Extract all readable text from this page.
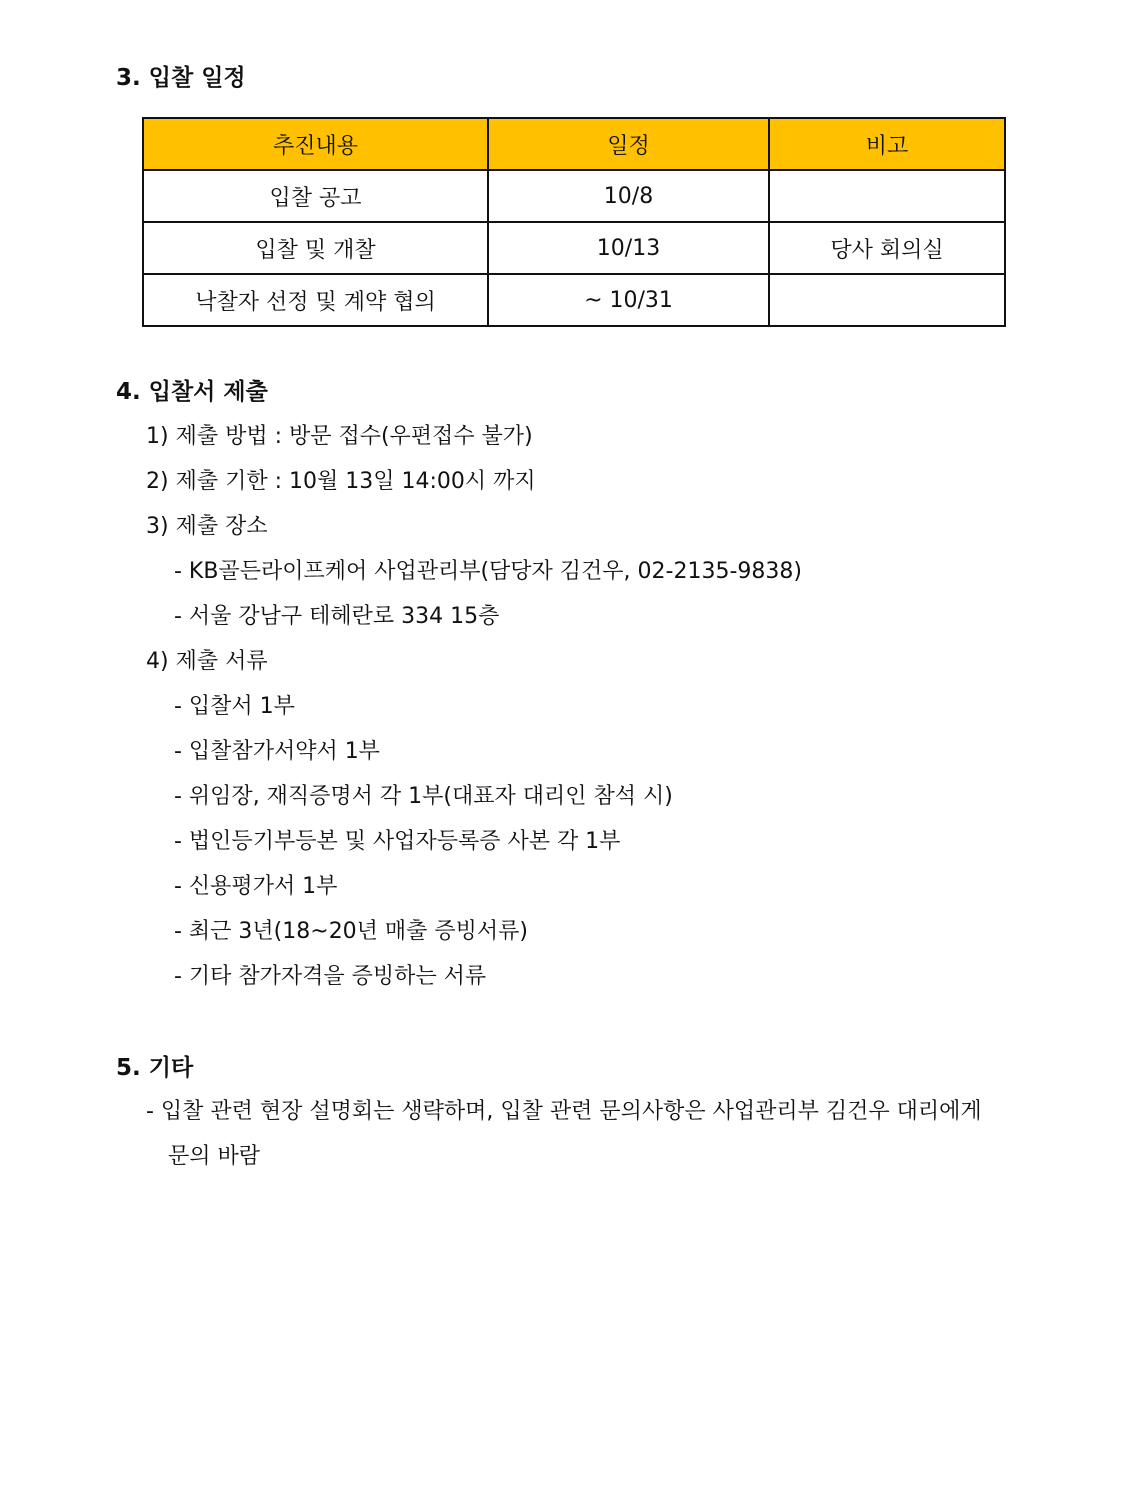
3. 입찰 일정
추진내용	일정	비고
입찰 공고	10/8	
입찰 및 개찰	10/13	당사 회의실
낙찰자 선정 및 계약 협의	~ 10/31	
4. 입찰서 제출
1) 제출 방법 : 방문 접수(우편접수 불가)
2) 제출 기한 : 10월 13일 14:00시 까지
3) 제출 장소
- KB골든라이프케어 사업관리부(담당자 김건우, 02-2135-9838)
- 서울 강남구 테헤란로 334 15층
4) 제출 서류
- 입찰서 1부
- 입찰참가서약서 1부
- 위임장, 재직증명서 각 1부(대표자 대리인 참석 시)
- 법인등기부등본 및 사업자등록증 사본 각 1부
- 신용평가서 1부
- 최근 3년(18~20년 매출 증빙서류)
- 기타 참가자격을 증빙하는 서류
5. 기타
- 입찰 관련 현장 설명회는 생략하며, 입찰 관련 문의사항은 사업관리부 김건우 대리에게
문의 바람
